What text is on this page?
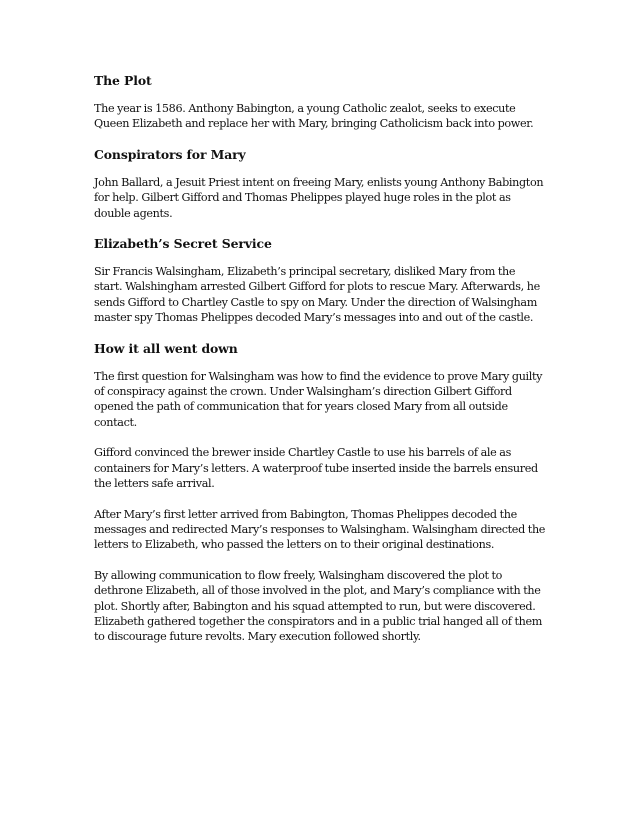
The Plot

The year is 1586. Anthony Babington, a young Catholic zealot, seeks to execute Queen Elizabeth and replace her with Mary, bringing Catholicism back into power.

Conspirators for Mary

John Ballard, a Jesuit Priest intent on freeing Mary, enlists young Anthony Babington for help. Gilbert Gifford and Thomas Phelippes played huge roles in the plot as double agents.

Elizabeth’s Secret Service

Sir Francis Walsingham, Elizabeth’s principal secretary, disliked Mary from the start. Walshingham arrested Gilbert Gifford for plots to rescue Mary. Afterwards, he sends Gifford to Chartley Castle to spy on Mary. Under the direction of Walsingham master spy Thomas Phelippes decoded Mary’s messages into and out of the castle.

How it all went down

The first question for Walsingham was how to find the evidence to prove Mary guilty of conspiracy against the crown. Under Walsingham’s direction Gilbert Gifford opened the path of communication that for years closed Mary from all outside contact.

Gifford convinced the brewer inside Chartley Castle to use his barrels of ale as containers for Mary’s letters. A waterproof tube inserted inside the barrels ensured the letters safe arrival.

After Mary’s first letter arrived from Babington, Thomas Phelippes decoded the messages and redirected Mary’s responses to Walsingham. Walsingham directed the letters to Elizabeth, who passed the letters on to their original destinations.

By allowing communication to flow freely, Walsingham discovered the plot to dethrone Elizabeth, all of those involved in the plot, and Mary’s compliance with the plot. Shortly after, Babington and his squad attempted to run, but were discovered. Elizabeth gathered together the conspirators and in a public trial hanged all of them to discourage future revolts. Mary execution followed shortly.
